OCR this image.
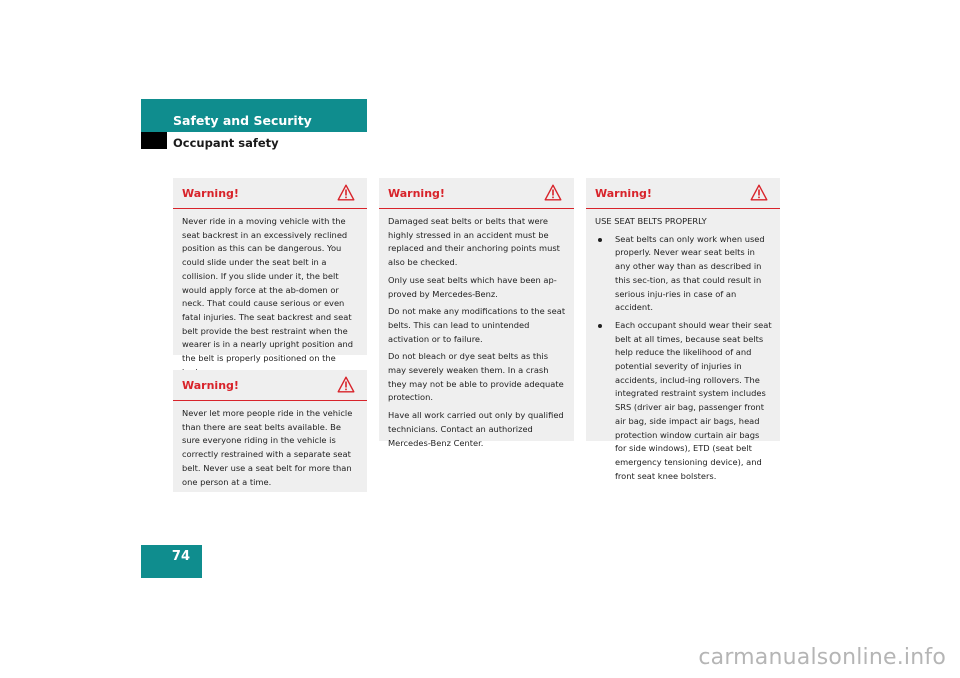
Safety and Security
Occupant safety
Warning!

Never ride in a moving vehicle with the seat backrest in an excessively reclined position as this can be dangerous. You could slide under the seat belt in a collision. If you slide under it, the belt would apply force at the ab-domen or neck. That could cause serious or even fatal injuries. The seat backrest and seat belt provide the best restraint when the wearer is in a nearly upright position and the belt is properly positioned on the

Warning!

Never let more people ride in the vehicle than there are seat belts available. Be sure everyone riding in the vehicle is correctly restrained with a separate seat belt. Never use a seat belt for more than one person at a time.

Warning!

Damaged seat belts or belts that were highly stressed in an accident must be replaced and their anchoring points must also be checked.

Only use seat belts which have been ap-proved by Mercedes-Benz.

Do not make any modifications to the seat belts. This can lead to unintended activation or to failure.

Do not bleach or dye seat belts as this may severely weaken them. In a crash they may not be able to provide adequate protection.

Have all work carried out only by qualified technicians. Contact an authorized Mercedes-Benz Center.

Warning!

USE SEAT BELTS PROPERLY

Seat belts can only work when used properly. Never wear seat belts in any other way than as described in this sec-tion, as that could result in serious inju-ries in case of an accident.
Each occupant should wear their seat belt at all times, because seat belts help reduce the likelihood of and potential severity of injuries in accidents, includ-ing rollovers. The integrated restraint system includes SRS (driver air bag, passenger front air bag, side impact air bags, head protection window curtain air bags for side windows), ETD (seat belt emergency tensioning device), and front seat knee bolsters.
74
carmanualsonline.info
